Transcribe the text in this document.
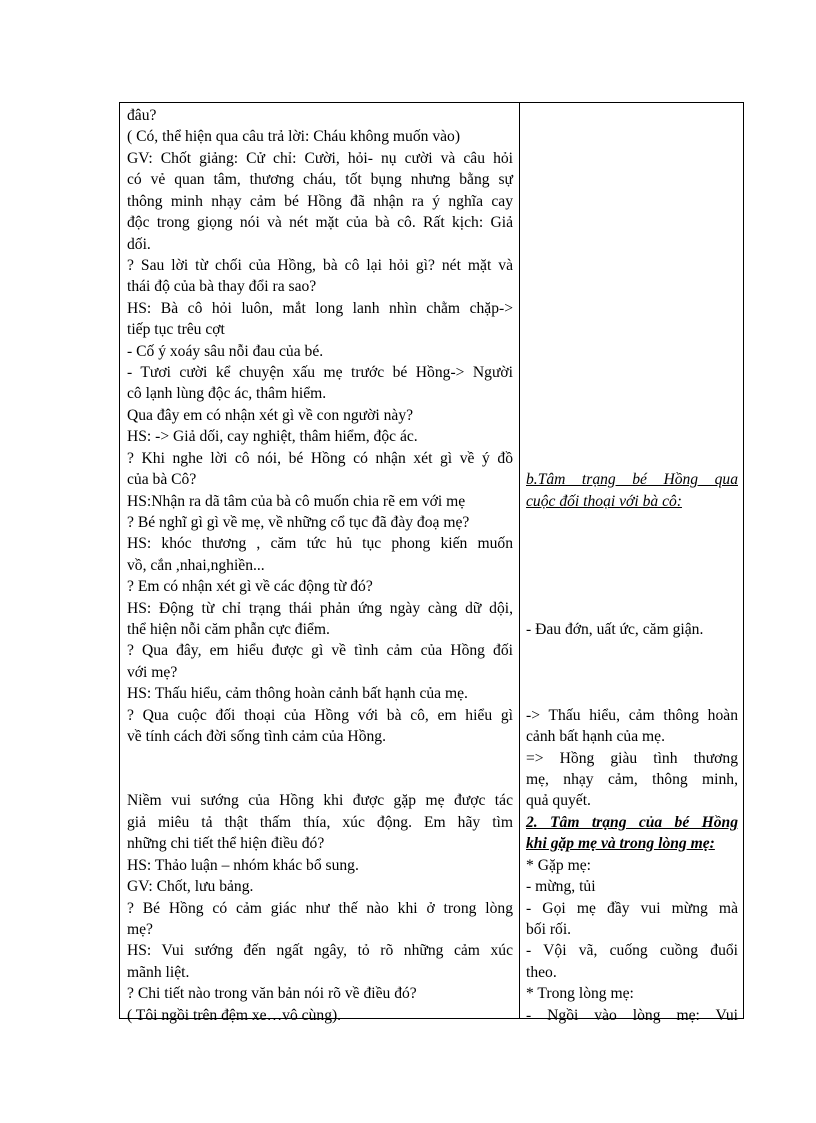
đâu?
( Có, thể hiện qua câu trả lời: Cháu không muốn vào)
GV: Chốt giảng: Cử chỉ: Cười, hỏi- nụ cười và câu hỏi
có vẻ quan tâm, thương cháu, tốt bụng nhưng bằng sự
thông minh nhạy cảm bé Hồng đã nhận ra ý nghĩa cay
độc trong giọng nói và nét mặt của bà cô. Rất kịch: Giả
dối.
? Sau lời từ chối của Hồng, bà cô lại hỏi gì? nét mặt và
thái độ của bà thay đổi ra sao?
HS: Bà cô hỏi luôn, mắt long lanh nhìn chằm chặp->
tiếp tục trêu cợt
- Cố ý xoáy sâu nỗi đau của bé.
- Tươi cười kể chuyện xấu mẹ trước bé Hồng-> Người
cô lạnh lùng độc ác, thâm hiểm.
Qua đây em có nhận xét gì về con người này?
HS: -> Giả dối, cay nghiệt, thâm hiểm, độc ác.
? Khi nghe lời cô nói, bé Hồng có nhận xét gì về ý đồ
của bà Cô?
HS:Nhận ra dã tâm của bà cô muốn chia rẽ em với mẹ
? Bé nghĩ gì gì về mẹ, về những cổ tục đã đày đoạ mẹ?
HS: khóc thương , căm tức hủ tục phong kiến muốn
vồ, cắn ,nhai,nghiền...
? Em có nhận xét gì về các động từ đó?
HS: Động từ chỉ trạng thái phản ứng ngày càng dữ dội,
thể hiện nỗi căm phẫn cực điểm.
? Qua đây, em hiểu được gì về tình cảm của Hồng đối
với mẹ?
HS: Thấu hiểu, cảm thông hoàn cảnh bất hạnh của mẹ.
? Qua cuộc đối thoại của Hồng với bà cô, em hiểu gì
về tính cách đời sống tình cảm của Hồng.
Niềm vui sướng của Hồng khi được gặp mẹ được tác
giả miêu tả thật thấm thía, xúc động. Em hãy tìm
những chi tiết thể hiện điều đó?
HS: Thảo luận – nhóm khác bổ sung.
GV: Chốt, lưu bảng.
? Bé Hồng có cảm giác như thế nào khi ở trong lòng
mẹ?
HS: Vui sướng đến ngất ngây, tỏ rõ những cảm xúc
mãnh liệt.
? Chi tiết nào trong văn bản nói rõ về điều đó?
( Tôi ngồi trên đệm xe…vô cùng).
b.Tâm trạng bé Hồng qua
cuộc đối thoại với bà cô:
- Đau đớn, uất ức, căm giận.
-> Thấu hiểu, cảm thông hoàn
cảnh bất hạnh của mẹ.
=> Hồng giàu tình thương
mẹ, nhạy cảm, thông minh,
quả quyết.
2. Tâm trạng của bé Hồng
khi gặp mẹ và trong lòng mẹ:
* Gặp mẹ:
- mừng, tủi
- Gọi mẹ đầy vui mừng mà
bối rối.
- Vội vã, cuống cuồng đuổi
theo.
* Trong lòng mẹ:
- Ngồi vào lòng mẹ: Vui
